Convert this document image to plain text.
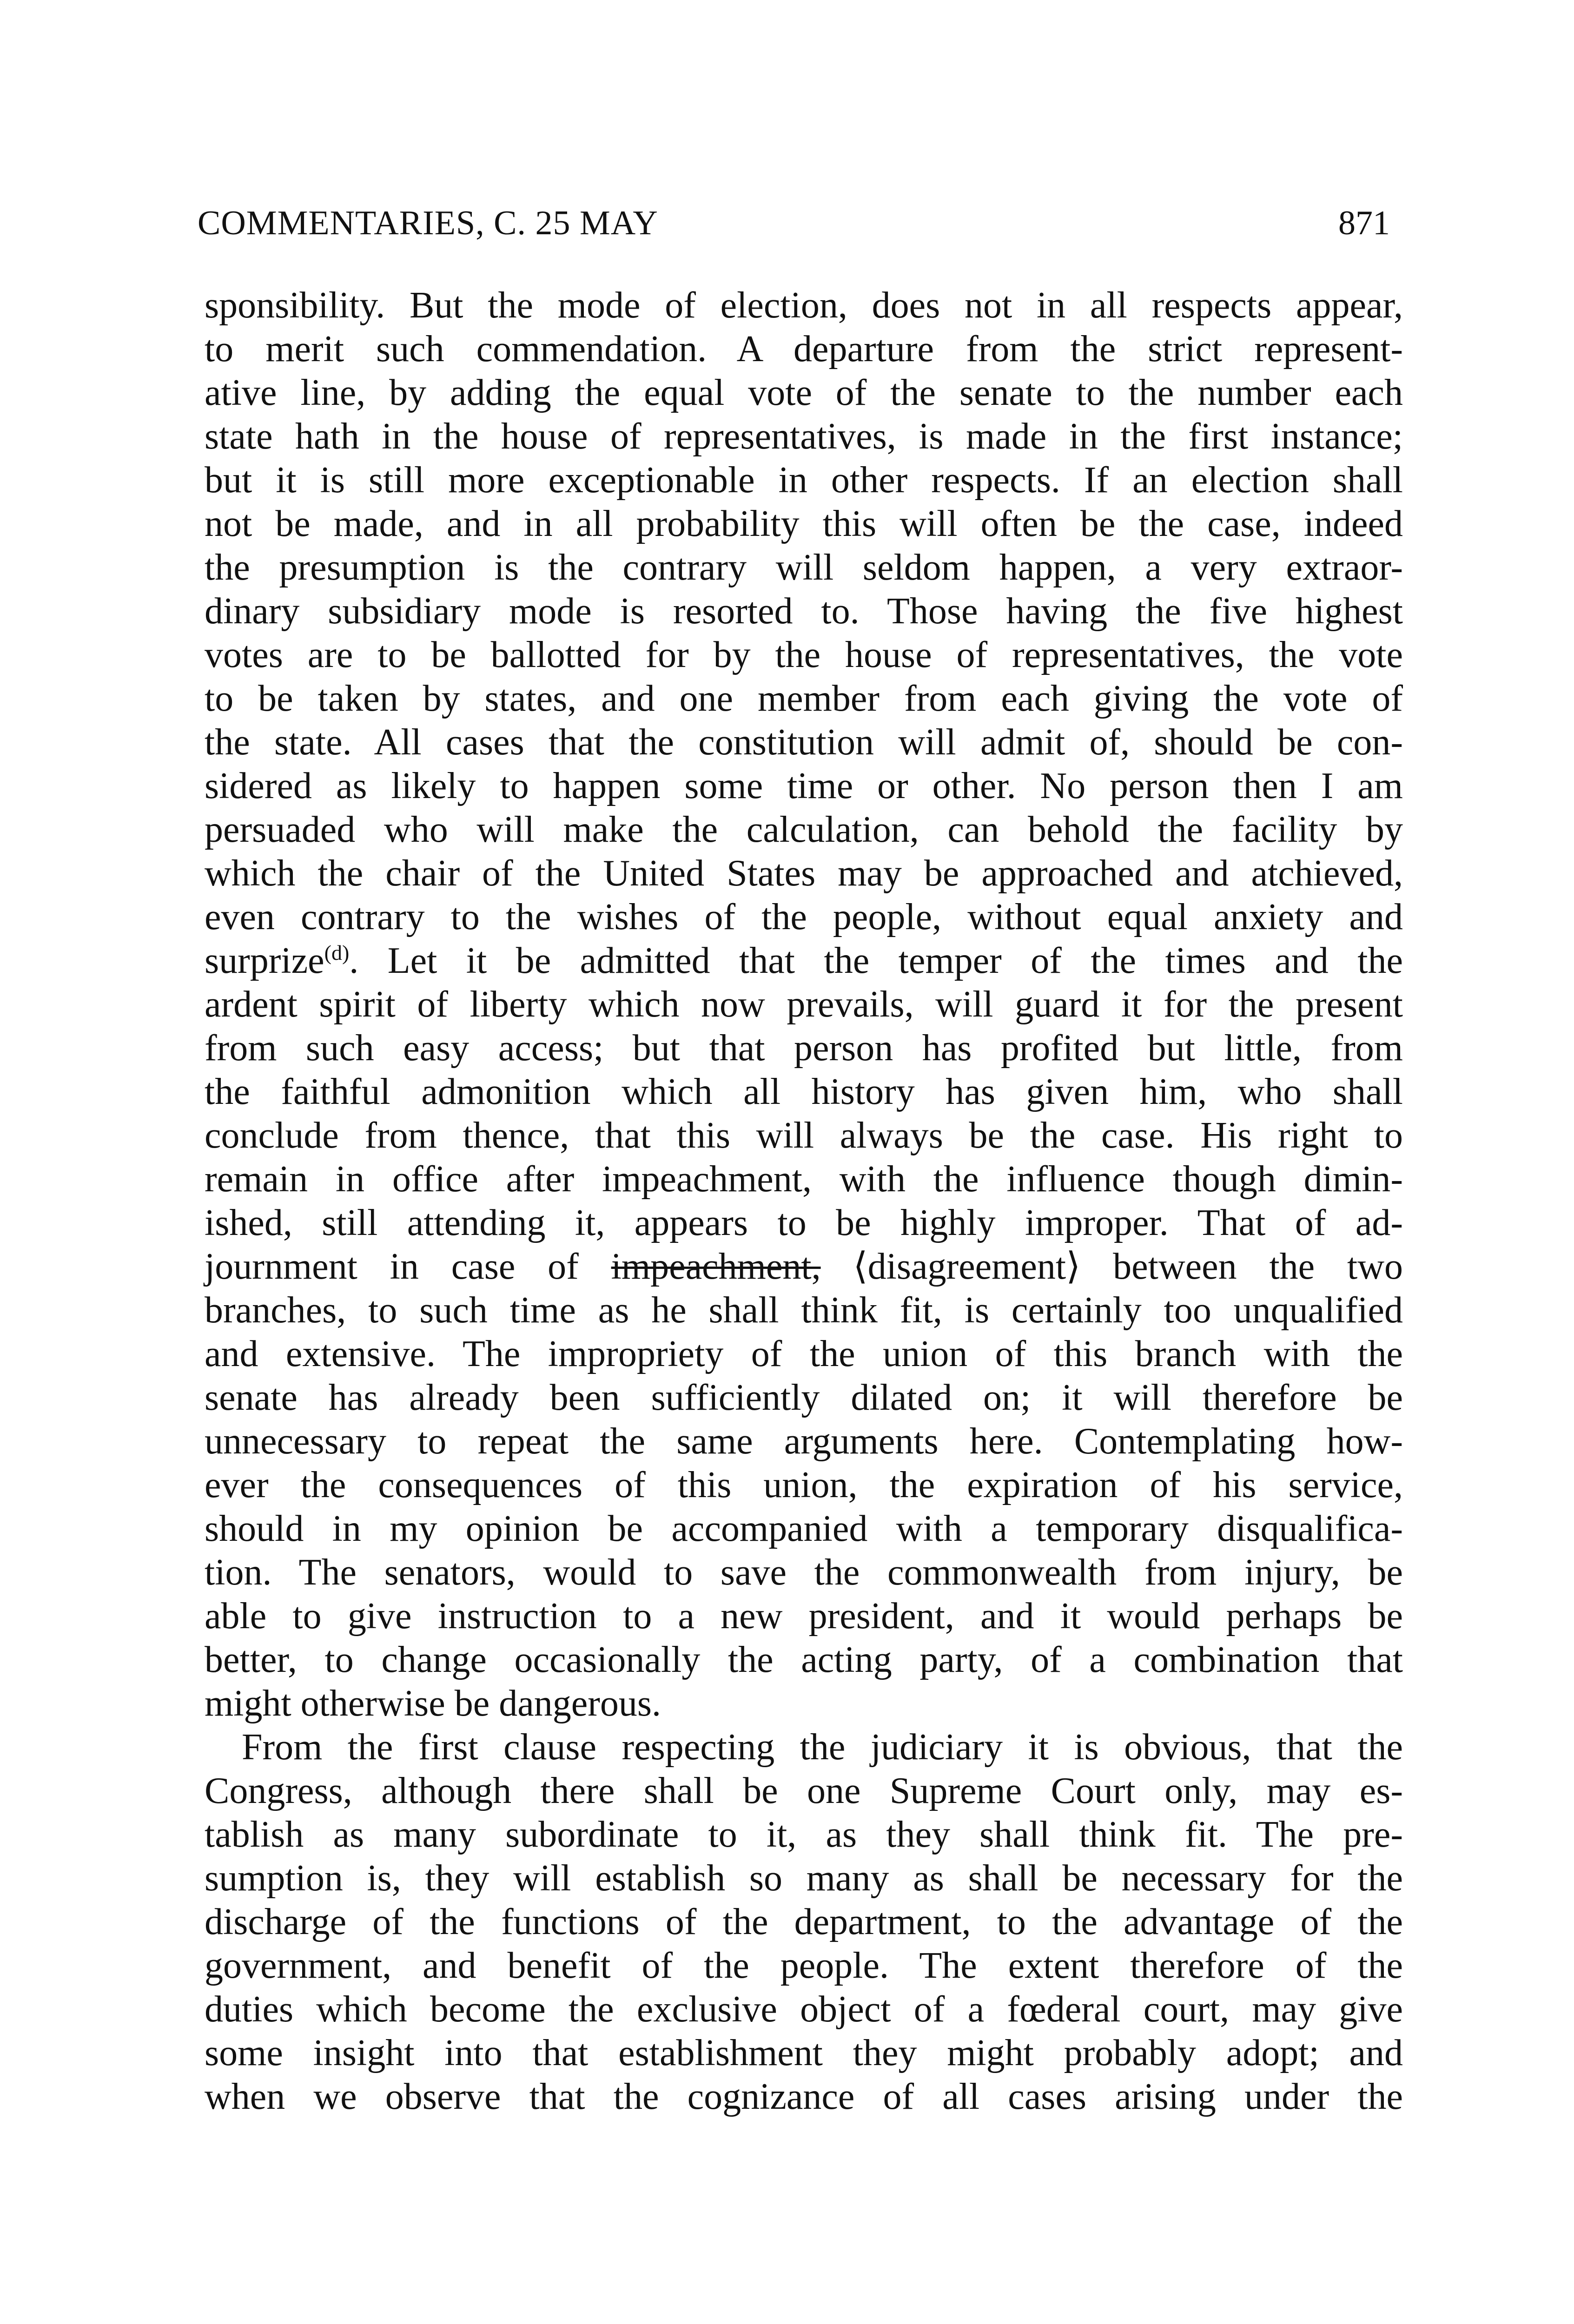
COMMENTARIES, C. 25 MAY	871
sponsibility. But the mode of election, does not in all respects appear,
to merit such commendation. A departure from the strict represent-
ative line, by adding the equal vote of the senate to the number each
state hath in the house of representatives, is made in the first instance;
but it is still more exceptionable in other respects. If an election shall
not be made, and in all probability this will often be the case, indeed
the presumption is the contrary will seldom happen, a very extraor-
dinary subsidiary mode is resorted to. Those having the five highest
votes are to be ballotted for by the house of representatives, the vote
to be taken by states, and one member from each giving the vote of
the state. All cases that the constitution will admit of, should be con-
sidered as likely to happen some time or other. No person then I am
persuaded who will make the calculation, can behold the facility by
which the chair of the United States may be approached and atchieved,
even contrary to the wishes of the people, without equal anxiety and
surprize$^{(d)}$. Let it be admitted that the temper of the times and the
ardent spirit of liberty which now prevails, will guard it for the present
from such easy access; but that person has profited but little, from
the faithful admonition which all history has given him, who shall
conclude from thence, that this will always be the case. His right to
remain in office after impeachment, with the influence though dimin-
ished, still attending it, appears to be highly improper. That of ad-
journment in case of impeachment, ⟨disagreement⟩ between the two
branches, to such time as he shall think fit, is certainly too unqualified
and extensive. The impropriety of the union of this branch with the
senate has already been sufficiently dilated on; it will therefore be
unnecessary to repeat the same arguments here. Contemplating how-
ever the consequences of this union, the expiration of his service,
should in my opinion be accompanied with a temporary disqualifica-
tion. The senators, would to save the commonwealth from injury, be
able to give instruction to a new president, and it would perhaps be
better, to change occasionally the acting party, of a combination that
might otherwise be dangerous.
From the first clause respecting the judiciary it is obvious, that the
Congress, although there shall be one Supreme Court only, may es-
tablish as many subordinate to it, as they shall think fit. The pre-
sumption is, they will establish so many as shall be necessary for the
discharge of the functions of the department, to the advantage of the
government, and benefit of the people. The extent therefore of the
duties which become the exclusive object of a fœderal court, may give
some insight into that establishment they might probably adopt; and
when we observe that the cognizance of all cases arising under the
